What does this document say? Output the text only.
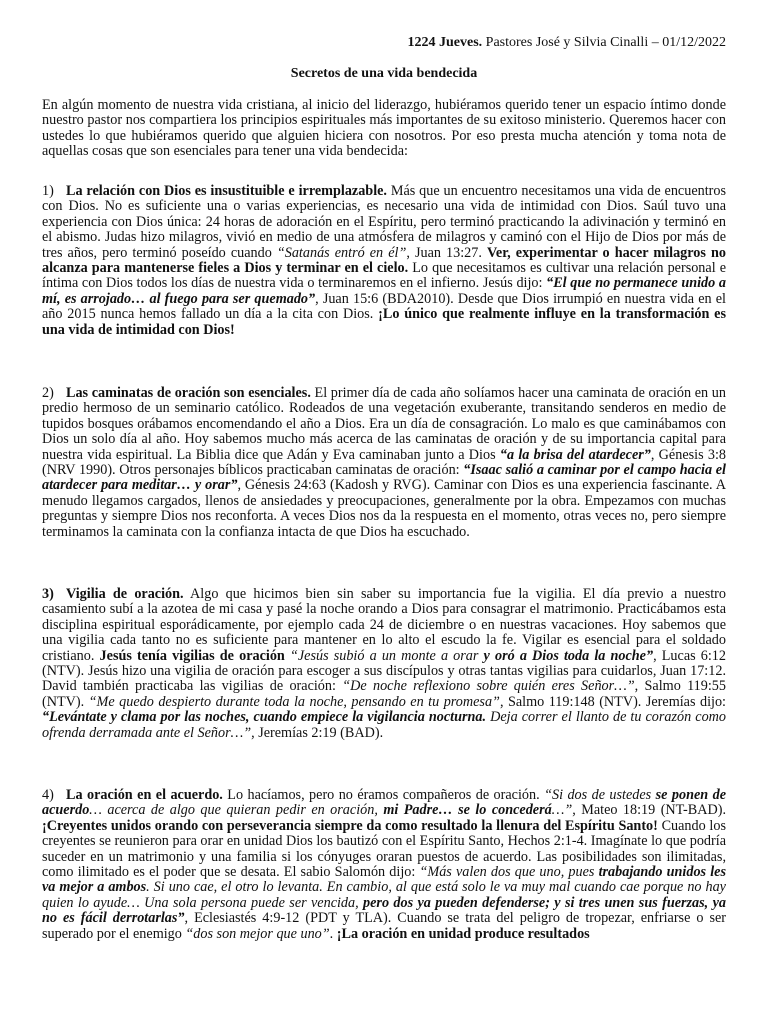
1224 Jueves. Pastores José y Silvia Cinalli – 01/12/2022
Secretos de una vida bendecida

En algún momento de nuestra vida cristiana, al inicio del liderazgo, hubiéramos querido tener un espacio íntimo donde nuestro pastor nos compartiera los principios espirituales más importantes de su exitoso ministerio. Queremos hacer con ustedes lo que hubiéramos querido que alguien hiciera con nosotros. Por eso presta mucha atención y toma nota de aquellas cosas que son esenciales para tener una vida bendecida:

1) La relación con Dios es insustituible e irremplazable. Más que un encuentro necesitamos una vida de encuentros con Dios. No es suficiente una o varias experiencias, es necesario una vida de intimidad con Dios. Saúl tuvo una experiencia con Dios única: 24 horas de adoración en el Espíritu, pero terminó practicando la adivinación y terminó en el abismo. Judas hizo milagros, vivió en medio de una atmósfera de milagros y caminó con el Hijo de Dios por más de tres años, pero terminó poseído cuando “Satanás entró en él”, Juan 13:27. Ver, experimentar o hacer milagros no alcanza para mantenerse fieles a Dios y terminar en el cielo. Lo que necesitamos es cultivar una relación personal e íntima con Dios todos los días de nuestra vida o terminaremos en el infierno. Jesús dijo: “El que no permanece unido a mí, es arrojado… al fuego para ser quemado”, Juan 15:6 (BDA2010). Desde que Dios irrumpió en nuestra vida en el año 2015 nunca hemos fallado un día a la cita con Dios. ¡Lo único que realmente influye en la transformación es una vida de intimidad con Dios!

2) Las caminatas de oración son esenciales. El primer día de cada año solíamos hacer una caminata de oración en un predio hermoso de un seminario católico. Rodeados de una vegetación exuberante, transitando senderos en medio de tupidos bosques orábamos encomendando el año a Dios. Era un día de consagración. Lo malo es que caminábamos con Dios un solo día al año. Hoy sabemos mucho más acerca de las caminatas de oración y de su importancia capital para nuestra vida espiritual. La Biblia dice que Adán y Eva caminaban junto a Dios “a la brisa del atardecer”, Génesis 3:8 (NRV 1990). Otros personajes bíblicos practicaban caminatas de oración: “Isaac salió a caminar por el campo hacia el atardecer para meditar… y orar”, Génesis 24:63 (Kadosh y RVG). Caminar con Dios es una experiencia fascinante. A menudo llegamos cargados, llenos de ansiedades y preocupaciones, generalmente por la obra. Empezamos con muchas preguntas y siempre Dios nos reconforta. A veces Dios nos da la respuesta en el momento, otras veces no, pero siempre terminamos la caminata con la confianza intacta de que Dios ha escuchado.

3) Vigilia de oración. Algo que hicimos bien sin saber su importancia fue la vigilia. El día previo a nuestro casamiento subí a la azotea de mi casa y pasé la noche orando a Dios para consagrar el matrimonio. Practicábamos esta disciplina espiritual esporádicamente, por ejemplo cada 24 de diciembre o en nuestras vacaciones. Hoy sabemos que una vigilia cada tanto no es suficiente para mantener en lo alto el escudo la fe. Vigilar es esencial para el soldado cristiano. Jesús tenía vigilias de oración “Jesús subió a un monte a orar y oró a Dios toda la noche”, Lucas 6:12 (NTV). Jesús hizo una vigilia de oración para escoger a sus discípulos y otras tantas vigilias para cuidarlos, Juan 17:12. David también practicaba las vigilias de oración: “De noche reflexiono sobre quién eres Señor…”, Salmo 119:55 (NTV). “Me quedo despierto durante toda la noche, pensando en tu promesa”, Salmo 119:148 (NTV). Jeremías dijo: “Levántate y clama por las noches, cuando empiece la vigilancia nocturna. Deja correr el llanto de tu corazón como ofrenda derramada ante el Señor…”, Jeremías 2:19 (BAD).

4) La oración en el acuerdo. Lo hacíamos, pero no éramos compañeros de oración. “Si dos de ustedes se ponen de acuerdo… acerca de algo que quieran pedir en oración, mi Padre… se lo concederá…”, Mateo 18:19 (NT-BAD). ¡Creyentes unidos orando con perseverancia siempre da como resultado la llenura del Espíritu Santo! Cuando los creyentes se reunieron para orar en unidad Dios los bautizó con el Espíritu Santo, Hechos 2:1-4. Imagínate lo que podría suceder en un matrimonio y una familia si los cónyuges oraran puestos de acuerdo. Las posibilidades son ilimitadas, como ilimitado es el poder que se desata. El sabio Salomón dijo: “Más valen dos que uno, pues trabajando unidos les va mejor a ambos. Si uno cae, el otro lo levanta. En cambio, al que está solo le va muy mal cuando cae porque no hay quien lo ayude… Una sola persona puede ser vencida, pero dos ya pueden defenderse; y si tres unen sus fuerzas, ya no es fácil derrotarlas”, Eclesiastés 4:9-12 (PDT y TLA). Cuando se trata del peligro de tropezar, enfriarse o ser superado por el enemigo “dos son mejor que uno”. ¡La oración en unidad produce resultados
